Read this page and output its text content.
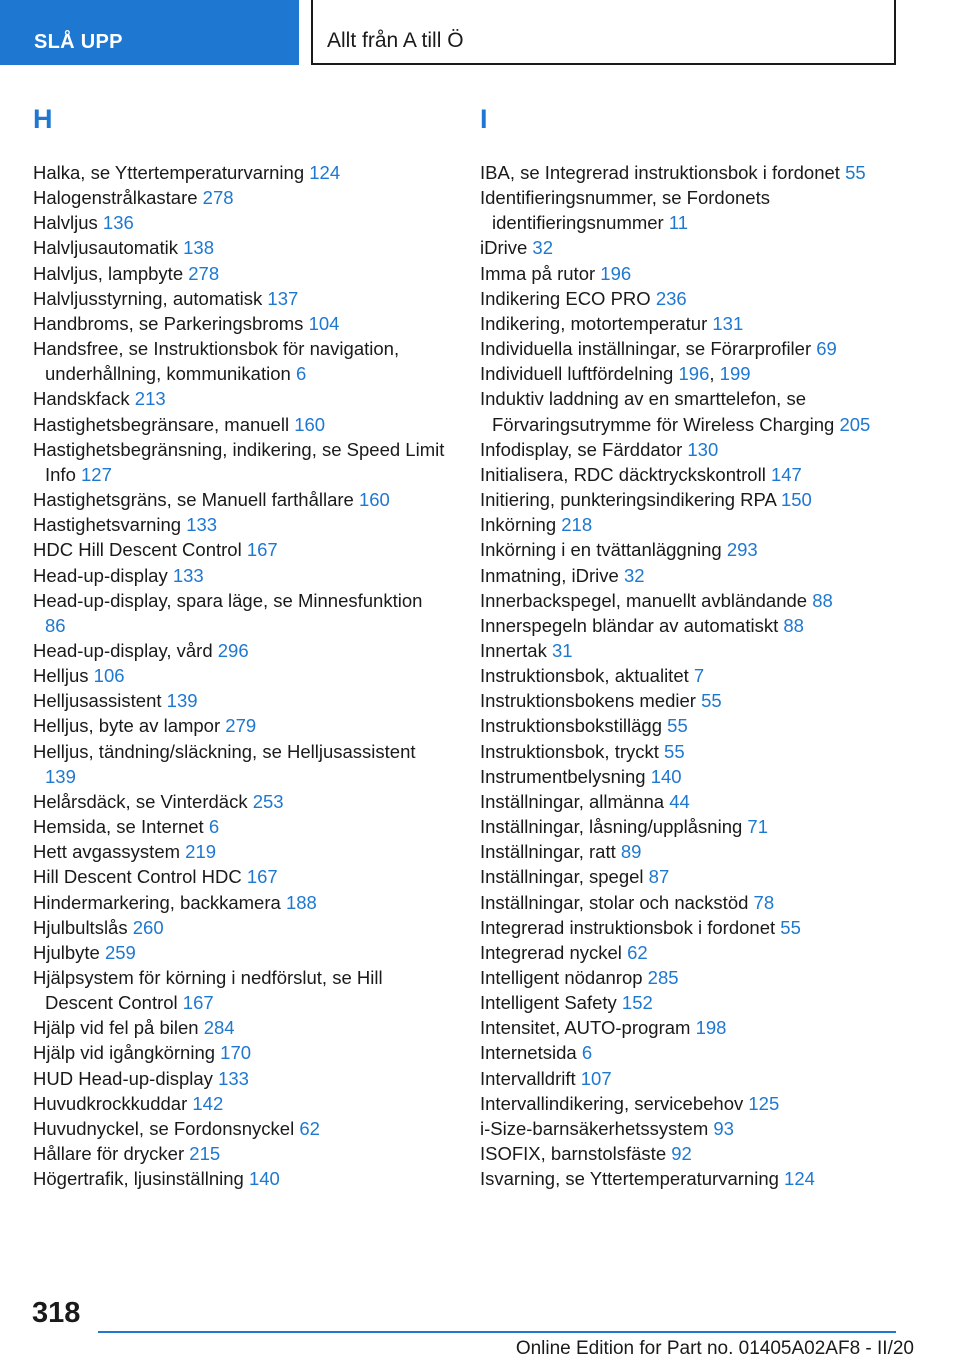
SLÅ UPP	Allt från A till Ö
H
Halka, se Yttertemperaturvarning 124
Halogenstrålkastare 278
Halvljus 136
Halvljusautomatik 138
Halvljus, lampbyte 278
Halvljusstyrning, automatisk 137
Handbroms, se Parkeringsbroms 104
Handsfree, se Instruktionsbok för navigation, underhållning, kommunikation 6
Handskfack 213
Hastighetsbegränsare, manuell 160
Hastighetsbegränsning, indikering, se Speed Limit Info 127
Hastighetsgräns, se Manuell farthållare 160
Hastighetsvarning 133
HDC Hill Descent Control 167
Head-up-display 133
Head-up-display, spara läge, se Minnesfunktion 86
Head-up-display, vård 296
Helljus 106
Helljusassistent 139
Helljus, byte av lampor 279
Helljus, tändning/släckning, se Helljusassistent 139
Helårsdäck, se Vinterdäck 253
Hemsida, se Internet 6
Hett avgassystem 219
Hill Descent Control HDC 167
Hindermarkering, backkamera 188
Hjulbultslås 260
Hjulbyte 259
Hjälpsystem för körning i nedförslut, se Hill Descent Control 167
Hjälp vid fel på bilen 284
Hjälp vid igångkörning 170
HUD Head-up-display 133
Huvudkrockkuddar 142
Huvudnyckel, se Fordonsnyckel 62
Hållare för drycker 215
Högertrafik, ljusinställning 140
I
IBA, se Integrerad instruktionsbok i fordonet 55
Identifieringsnummer, se Fordonets identifieringsnummer 11
iDrive 32
Imma på rutor 196
Indikering ECO PRO 236
Indikering, motortemperatur 131
Individuella inställningar, se Förarprofiler 69
Individuell luftfördelning 196, 199
Induktiv laddning av en smarttelefon, se Förvaringsutrymme för Wireless Charging 205
Infodisplay, se Färddator 130
Initialisera, RDC däcktryckskontroll 147
Initiering, punkteringsindikering RPA 150
Inkörning 218
Inkörning i en tvättanläggning 293
Inmatning, iDrive 32
Innerbackspegel, manuellt avbländande 88
Innerspegeln bländar av automatiskt 88
Innertak 31
Instruktionsbok, aktualitet 7
Instruktionsbokens medier 55
Instruktionsbokstillägg 55
Instruktionsbok, tryckt 55
Instrumentbelysning 140
Inställningar, allmänna 44
Inställningar, låsning/upplåsning 71
Inställningar, ratt 89
Inställningar, spegel 87
Inställningar, stolar och nackstöd 78
Integrerad instruktionsbok i fordonet 55
Integrerad nyckel 62
Intelligent nödanrop 285
Intelligent Safety 152
Intensitet, AUTO-program 198
Internetsida 6
Intervalldrift 107
Intervallindikering, servicebehov 125
i-Size-barnsäkerhetssystem 93
ISOFIX, barnstolsfäste 92
Isvarning, se Yttertemperaturvarning 124
318
Online Edition for Part no. 01405A02AF8 - II/20
